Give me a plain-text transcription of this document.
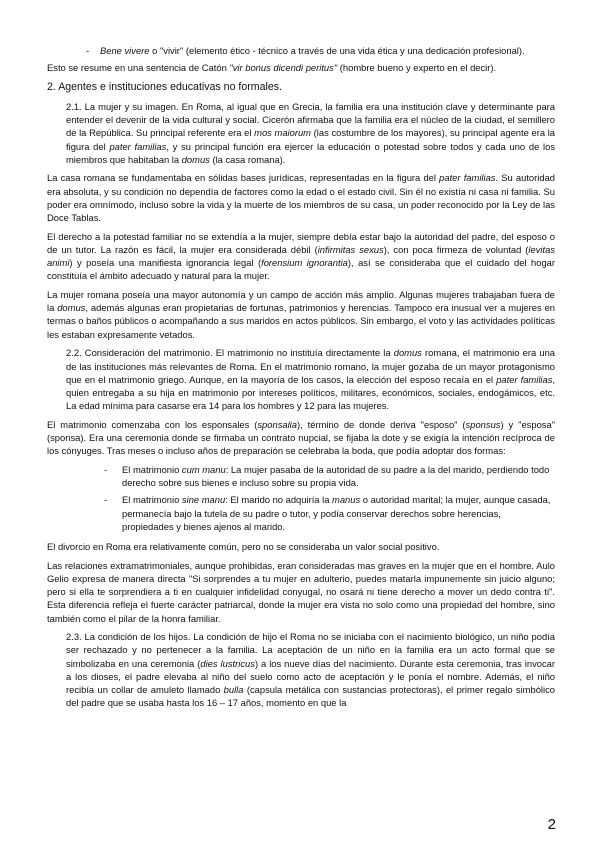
-	Bene vivere o "vivir" (elemento ético - técnico a través de una vida ética y una dedicación profesional).

Esto se resume en una sentencia de Catón "vir bonus dicendi peritus" (hombre bueno y experto en el decir).

2. Agentes e instituciones educativas no formales.

2.1. La mujer y su imagen. En Roma, al igual que en Grecia, la familia era una institución clave y determinante para entender el devenir de la vida cultural y social. Cicerón afirmaba que la familia era el núcleo de la ciudad, el semillero de la República. Su principal referente era el mos maiorum (las costumbre de los mayores), su principal agente era la figura del pater familias, y su principal función era ejercer la educación o potestad sobre todos y cada uno de los miembros que habitaban la domus (la casa romana).

La casa romana se fundamentaba en sólidas bases jurídicas, representadas en la figura del pater familias. Su autoridad era absoluta, y su condición no dependía de factores como la edad o el estado civil. Sin él no existía ni casa ni familia. Su poder era omnímodo, incluso sobre la vida y la muerte de los miembros de su casa, un poder reconocido por la Ley de las Doce Tablas.

El derecho a la potestad familiar no se extendía a la mujer, siempre debía estar bajo la autoridad del padre, del esposo o de un tutor. La razón es fácil, la mujer era considerada débil (infirmitas sexus), con poca firmeza de voluntad (levitas animi) y poseía una manifiesta ignorancia legal (forensium ignorantia), así se consideraba que el cuidado del hogar constituía el ámbito adecuado y natural para la mujer.

La mujer romana poseía una mayor autonomía y un campo de acción más amplio. Algunas mujeres trabajaban fuera de la domus, además algunas eran propietarias de fortunas, patrimonios y herencias. Tampoco era inusual ver a mujeres en termas o baños públicos o acompañando a sus maridos en actos públicos. Sin embargo, el voto y las actividades políticas les estaban expresamente vetados.

2.2. Consideración del matrimonio. El matrimonio no instituía directamente la domus romana, el matrimonio era una de las instituciones más relevantes de Roma. En el matrimonio romano, la mujer gozaba de un mayor protagonismo que en el matrimonio griego. Aunque, en la mayoría de los casos, la elección del esposo recaía en el pater familias, quien entregaba a su hija en matrimonio por intereses políticos, militares, económicos, sociales, endogámicos, etc. La edad mínima para casarse era 14 para los hombres y 12 para las mujeres.

El matrimonio comenzaba con los esponsales (sponsalia), término de donde deriva "esposo" (sponsus) y "esposa" (sponsa). Era una ceremonia donde se firmaba un contrato nupcial, se fijaba la dote y se exigía la intención recíproca de los cónyuges. Tras meses o incluso años de preparación se celebraba la boda, que podía adoptar dos formas:

-	El matrimonio cum manu: La mujer pasaba de la autoridad de su padre a la del marido, perdiendo todo derecho sobre sus bienes e incluso sobre su propia vida.
-	El matrimonio sine manu: El marido no adquiría la manus o autoridad marital; la mujer, aunque casada, permanecía bajo la tutela de su padre o tutor, y podía conservar derechos sobre herencias, propiedades y bienes ajenos al marido.

El divorcio en Roma era relativamente común, pero no se consideraba un valor social positivo.

Las relaciones extramatrimoniales, aunque prohibidas, eran consideradas mas graves en la mujer que en el hombre. Aulo Gelio expresa de manera directa "Si sorprendes a tu mujer en adulterio, puedes matarla impunemente sin juicio alguno; pero si ella te sorprendiera a ti en cualquier infidelidad conyugal, no osará ni tiene derecho a mover un dedo contra ti". Esta diferencia refleja el fuerte carácter patriarcal, donde la mujer era vista no solo como una propiedad del hombre, sino también como el pilar de la honra familiar.

2.3. La condición de los hijos. La condición de hijo el Roma no se iniciaba con el nacimiento biológico, un niño podía ser rechazado y no pertenecer a la familia. La aceptación de un niño en la familia era un acto formal que se simbolizaba en una ceremonia (dies lustricus) a los nueve días del nacimiento. Durante esta ceremonia, tras invocar a los dioses, el padre elevaba al niño del suelo como acto de aceptación y le ponía el nombre. Además, el niño recibía un collar de amuleto llamado bulla (capsula metálica con sustancias protectoras), el primer regalo simbólico del padre que se usaba hasta los 16 – 17 años, momento en que la

2
